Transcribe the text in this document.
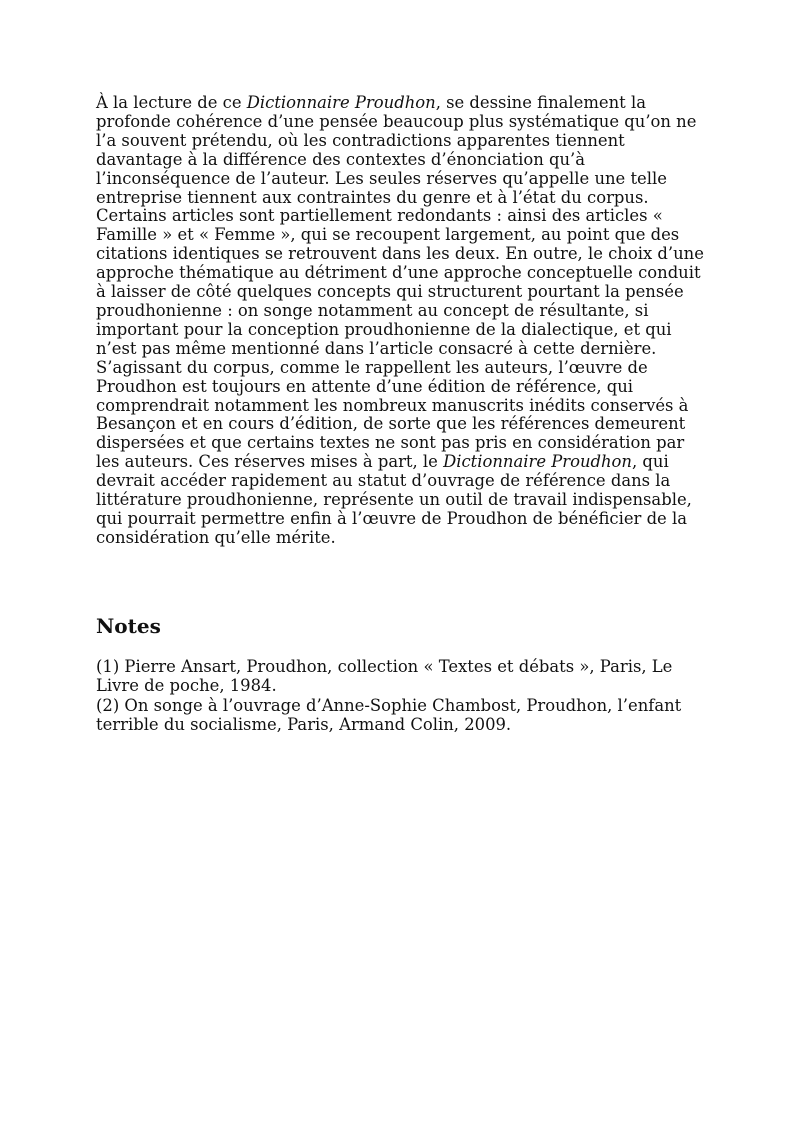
À la lecture de ce Dictionnaire Proudhon, se dessine finalement la profonde cohérence d’une pensée beaucoup plus systématique qu’on ne l’a souvent prétendu, où les contradictions apparentes tiennent davantage à la différence des contextes d’énonciation qu’à l’inconséquence de l’auteur. Les seules réserves qu’appelle une telle entreprise tiennent aux contraintes du genre et à l’état du corpus. Certains articles sont partiellement redondants : ainsi des articles « Famille » et « Femme », qui se recoupent largement, au point que des citations identiques se retrouvent dans les deux. En outre, le choix d’une approche thématique au détriment d’une approche conceptuelle conduit à laisser de côté quelques concepts qui structurent pourtant la pensée proudhonienne : on songe notamment au concept de résultante, si important pour la conception proudhonienne de la dialectique, et qui n’est pas même mentionné dans l’article consacré à cette dernière. S’agissant du corpus, comme le rappellent les auteurs, l’œuvre de Proudhon est toujours en attente d’une édition de référence, qui comprendrait notamment les nombreux manuscrits inédits conservés à Besançon et en cours d’édition, de sorte que les références demeurent dispersées et que certains textes ne sont pas pris en considération par les auteurs. Ces réserves mises à part, le Dictionnaire Proudhon, qui devrait accéder rapidement au statut d’ouvrage de référence dans la littérature proudhonienne, représente un outil de travail indispensable, qui pourrait permettre enfin à l’œuvre de Proudhon de bénéficier de la considération qu’elle mérite.

Notes
(1) Pierre Ansart, Proudhon, collection « Textes et débats », Paris, Le Livre de poche, 1984.
(2) On songe à l’ouvrage d’Anne-Sophie Chambost, Proudhon, l’enfant terrible du socialisme, Paris, Armand Colin, 2009.
